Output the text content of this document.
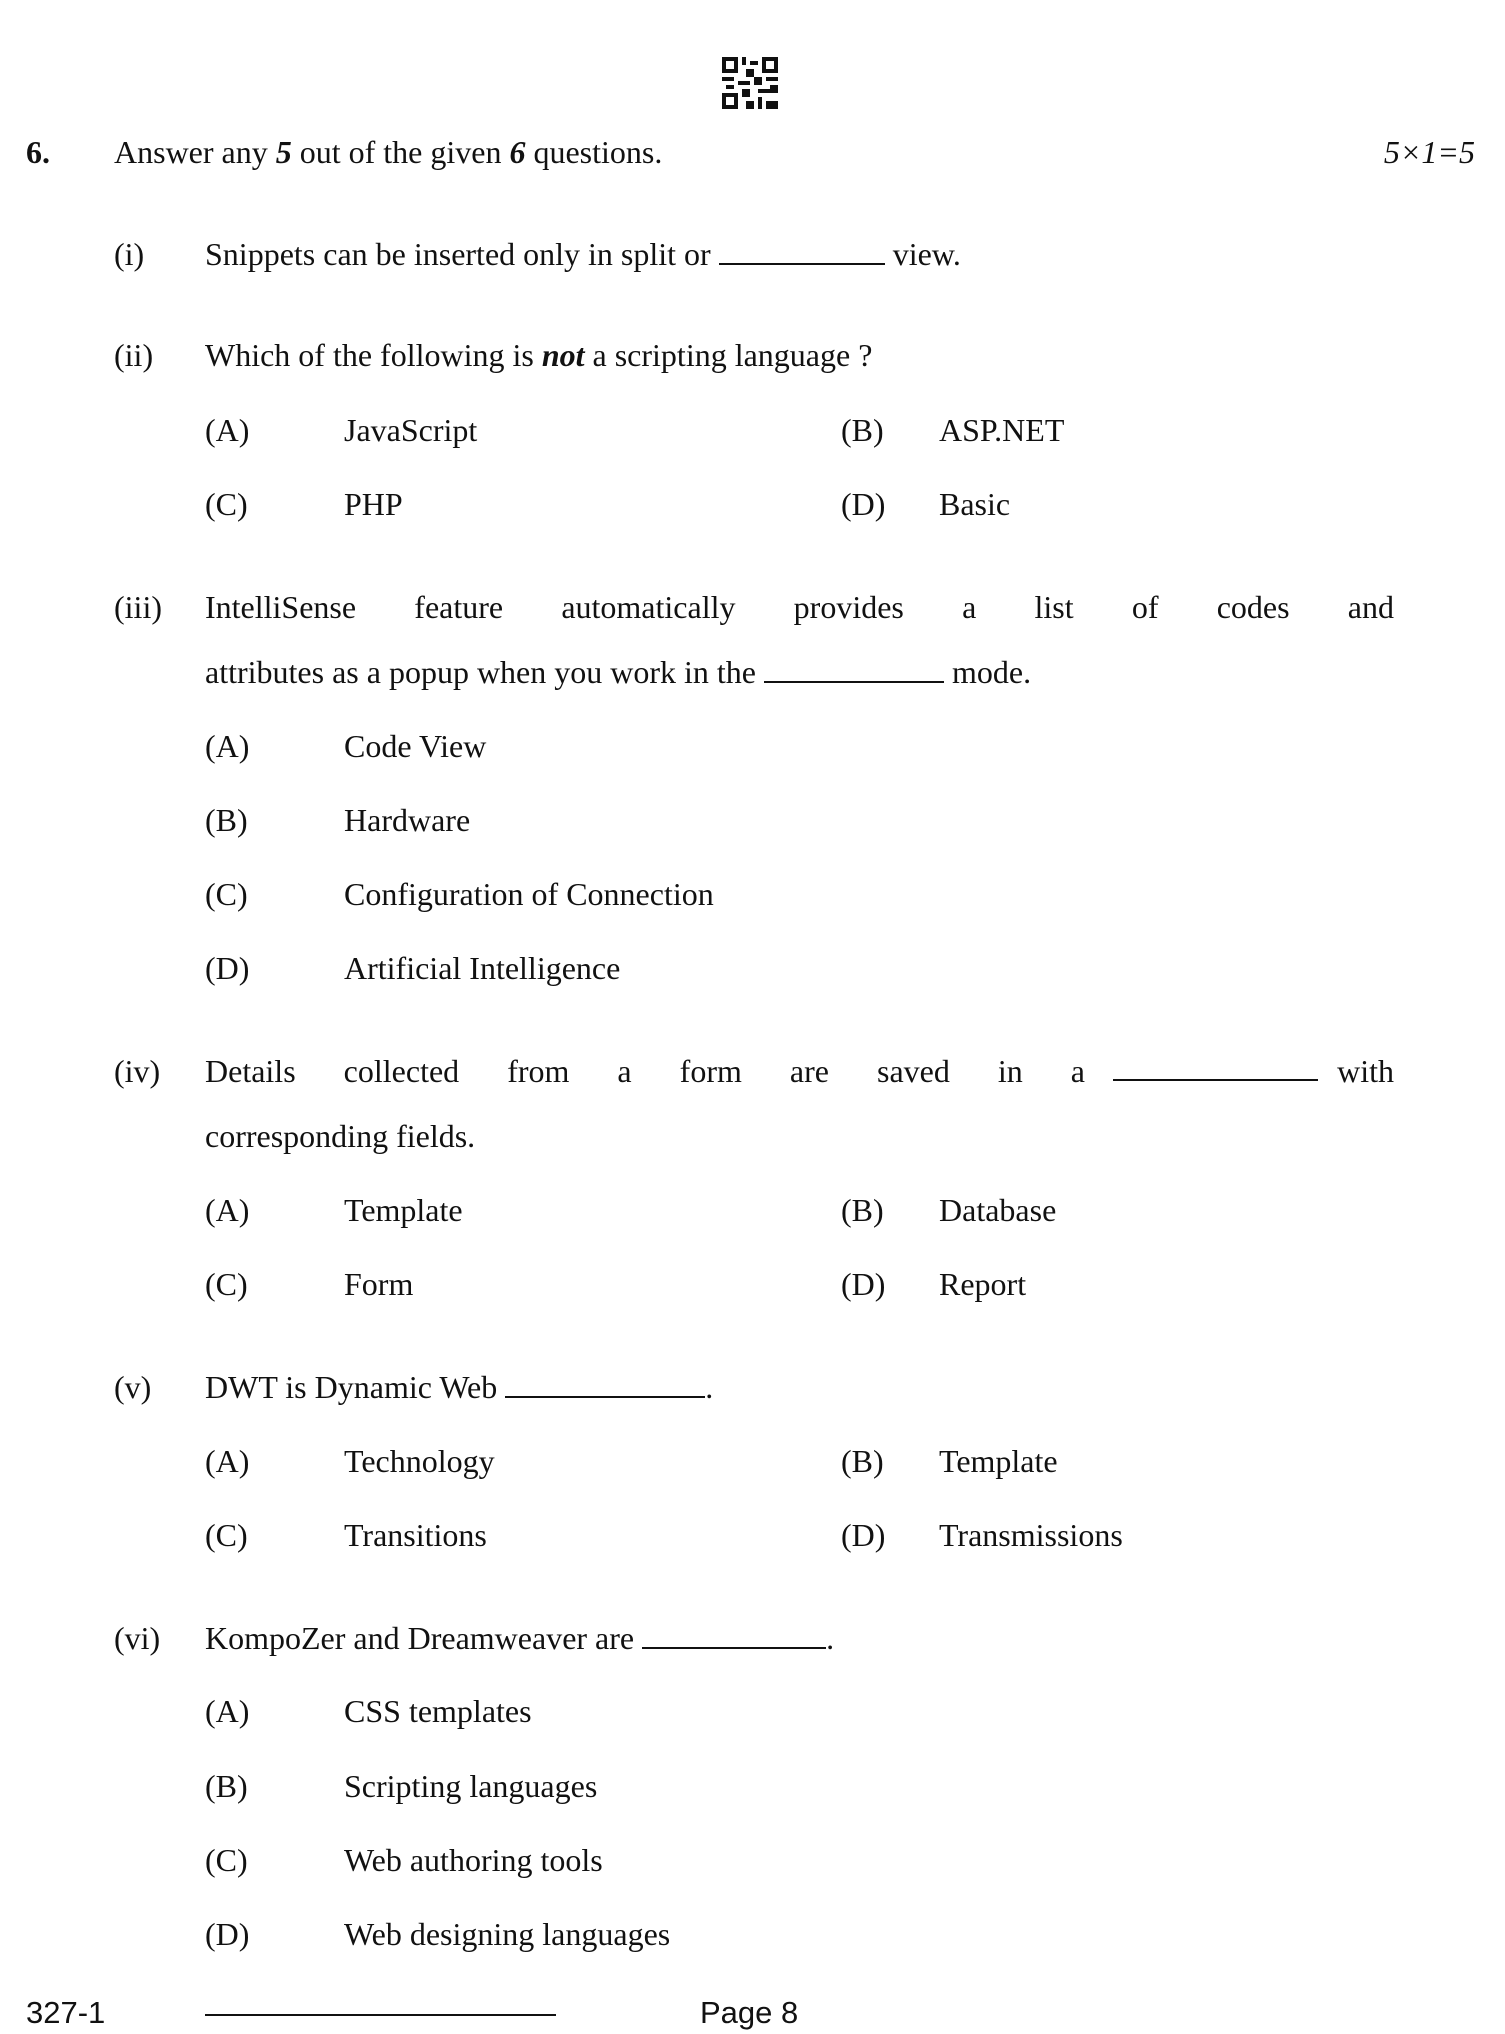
6. Answer any 5 out of the given 6 questions.	5×1=5
(i) Snippets can be inserted only in split or	view.
(ii) Which of the following is not a scripting language ?
(A)	JavaScript	(B) ASP.NET
(C)	PHP	(D) Basic
(iii) IntelliSense feature automatically provides a list of codes and
attributes as a popup when you work in the	mode.
(A)	Code View
(B)	Hardware
(C)	Configuration of Connection
(D)	Artificial Intelligence
(iv) Details collected from a form are saved in a	with
corresponding fields.
(A)	Template	(B) Database
(C)	Form	(D) Report
(v) DWT is Dynamic Web	.
(A)	Technology	(B) Template
(C)	Transitions	(D) Transmissions
(vi) KompoZer and Dreamweaver are	.
(A)	CSS templates
(B)	Scripting languages
(C)	Web authoring tools
(D)	Web designing languages
327-1	Page 8
